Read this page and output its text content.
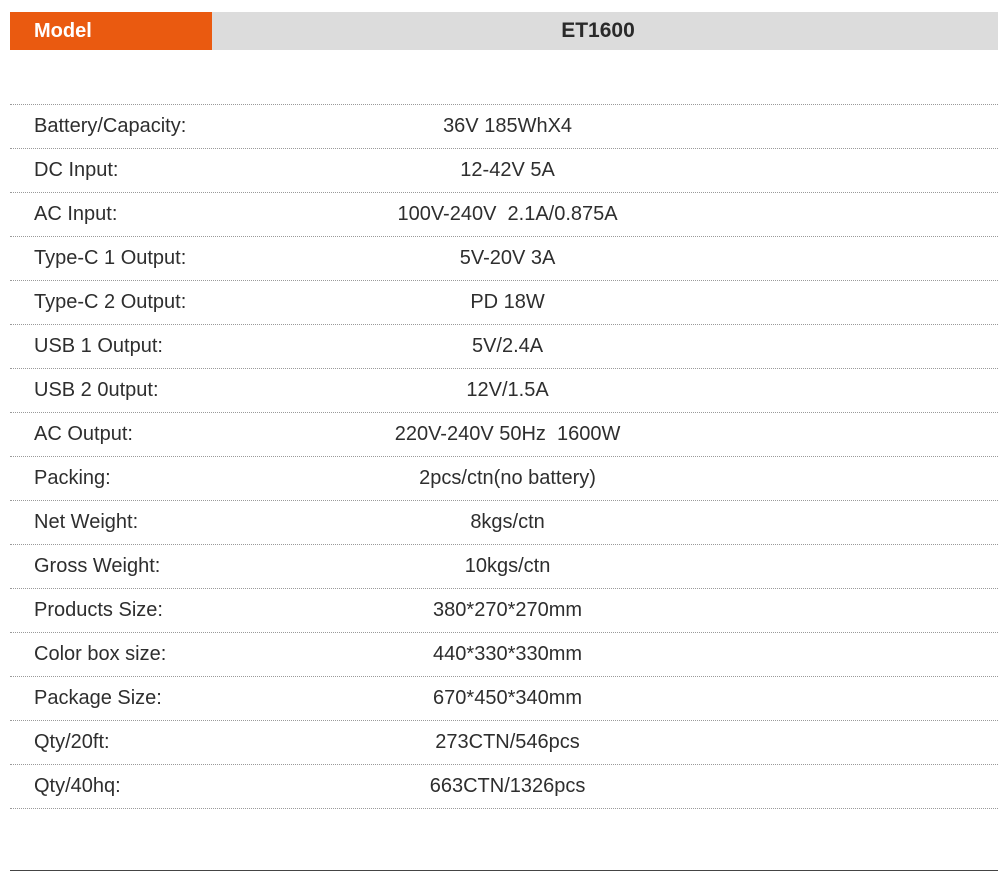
Model	ET1600
Battery/Capacity:	36V 185WhX4
DC Input:	12-42V 5A
AC Input:	100V-240V  2.1A/0.875A
Type-C 1 Output:	5V-20V 3A
Type-C 2 Output:	PD 18W
USB 1 Output:	5V/2.4A
USB 2 0utput:	12V/1.5A
AC Output:	220V-240V 50Hz  1600W
Packing:	2pcs/ctn(no battery)
Net Weight:	8kgs/ctn
Gross Weight:	10kgs/ctn
Products Size:	380*270*270mm
Color box size:	440*330*330mm
Package Size:	670*450*340mm
Qty/20ft:	273CTN/546pcs
Qty/40hq:	663CTN/1326pcs
